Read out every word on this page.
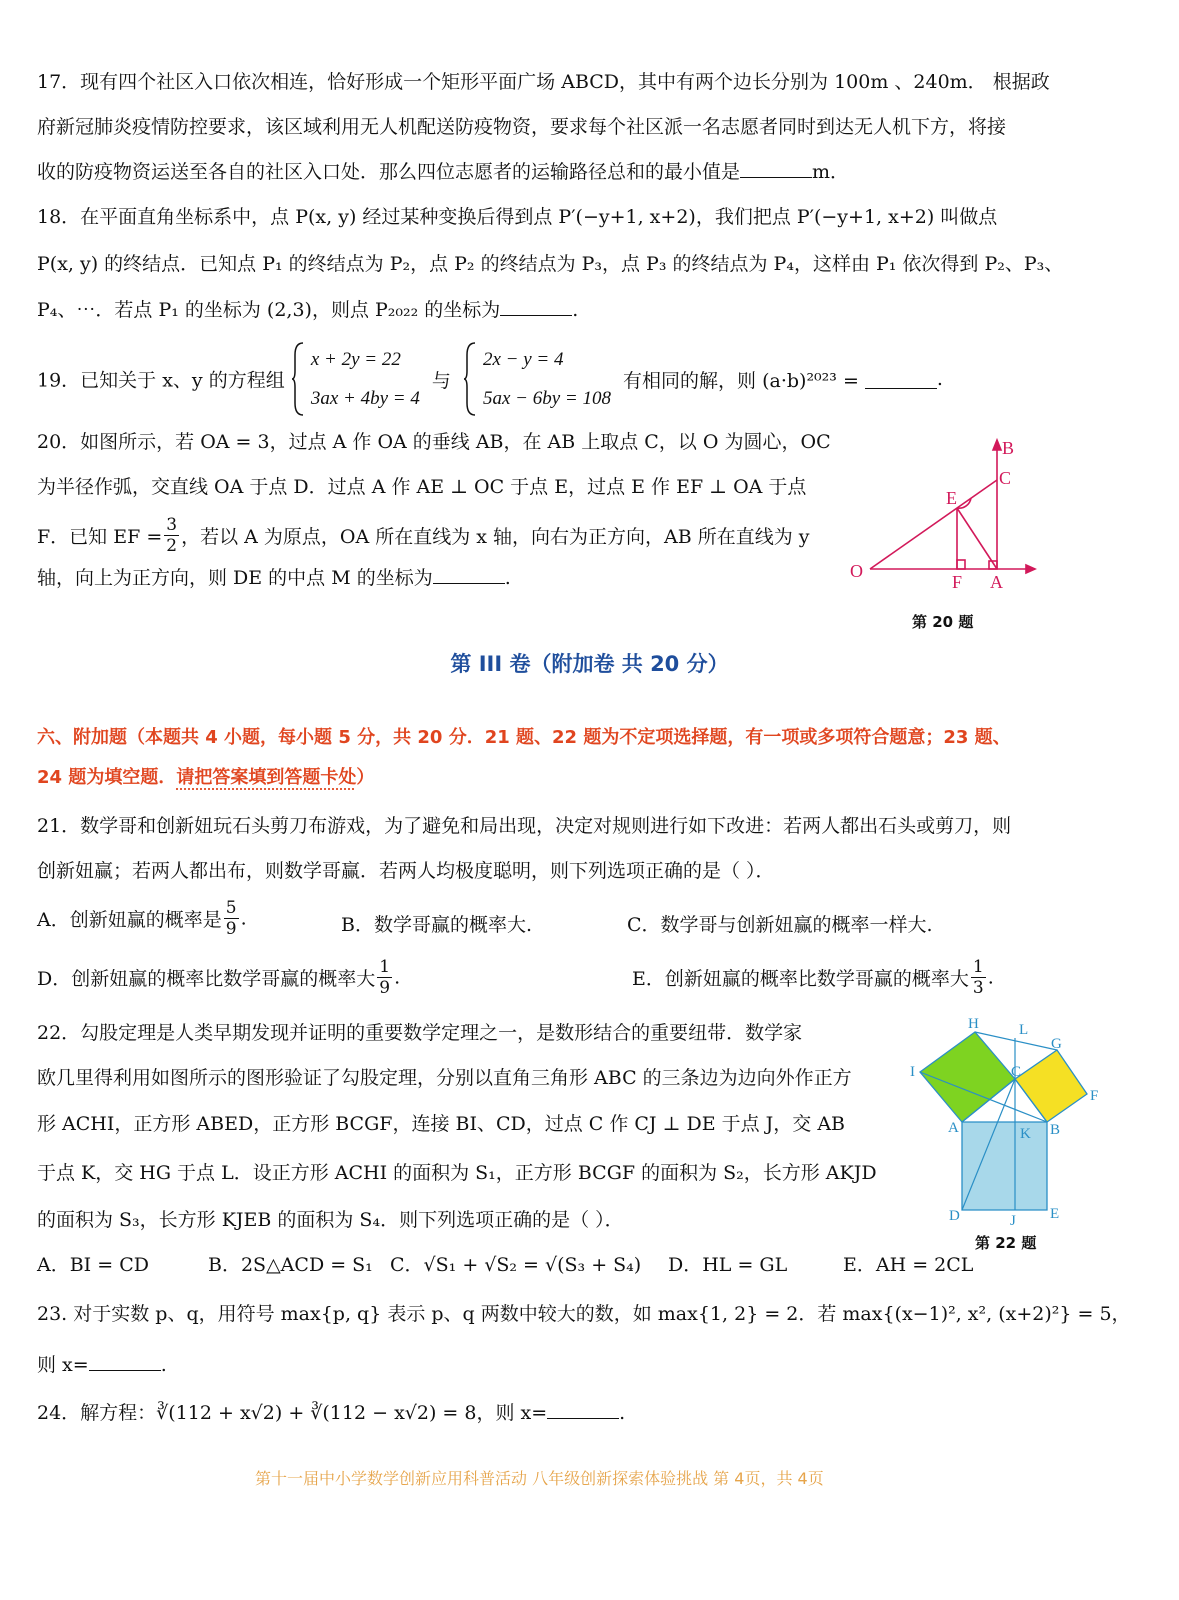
17．现有四个社区入口依次相连，恰好形成一个矩形平面广场 ABCD，其中有两个边长分别为 100m 、240m． 根据政
府新冠肺炎疫情防控要求，该区域利用无人机配送防疫物资，要求每个社区派一名志愿者同时到达无人机下方，将接
收的防疫物资运送至各自的社区入口处．那么四位志愿者的运输路径总和的最小值是	m．
18．在平面直角坐标系中，点 P(x, y) 经过某种变换后得到点 P′(−y+1, x+2)，我们把点 P′(−y+1, x+2) 叫做点
P(x, y) 的终结点．已知点 P₁ 的终结点为 P₂，点 P₂ 的终结点为 P₃，点 P₃ 的终结点为 P₄，这样由 P₁ 依次得到 P₂、P₃、
P₄、⋯．若点 P₁ 的坐标为 (2,3)，则点 P₂₀₂₂ 的坐标为	.
19．已知关于 x、y 的方程组  x + 2y = 22
3ax + 4by = 4 与  2x − y = 4
5ax − 6by = 108 有相同的解，则 (a·b)²⁰²³ =	.
20．如图所示，若 OA = 3，过点 A 作 OA 的垂线 AB，在 AB 上取点 C，以 O 为圆心，OC
为半径作弧，交直线 OA 于点 D．过点 A 作 AE ⊥ OC 于点 E，过点 E 作 EF ⊥ OA 于点
F．已知 EF = $\frac{3}{2}$ ，若以 A 为原点，OA 所在直线为 x 轴，向右为正方向，AB 所在直线为 y
轴，向上为正方向，则 DE 的中点 M 的坐标为	.
B
C
E
O
F A
第 20 题
第 III 卷（附加卷 共 20 分）
六、附加题（本题共 4 小题，每小题 5 分，共 20 分．21 题、22 题为不定项选择题，有一项或多项符合题意；23 题、
24 题为填空题．请把答案填到答题卡处）
21．数学哥和创新妞玩石头剪刀布游戏，为了避免和局出现，决定对规则进行如下改进：若两人都出石头或剪刀，则
创新妞赢；若两人都出布，则数学哥赢．若两人均极度聪明，则下列选项正确的是（ ）．
A．创新妞赢的概率是 $\frac{5}{9}$ .	B．数学哥赢的概率大.	C．数学哥与创新妞赢的概率一样大.
D．创新妞赢的概率比数学哥赢的概率大 $\frac{1}{9}$ .	E．创新妞赢的概率比数学哥赢的概率大 $\frac{1}{3}$ .
22．勾股定理是人类早期发现并证明的重要数学定理之一，是数形结合的重要纽带．数学家
欧几里得利用如图所示的图形验证了勾股定理，分别以直角三角形 ABC 的三条边为边向外作正方
形 ACHI，正方形 ABED，正方形 BCGF，连接 BI、CD，过点 C 作 CJ ⊥ DE 于点 J，交 AB
于点 K，交 HG 于点 L．设正方形 ACHI 的面积为 S₁，正方形 BCGF 的面积为 S₂，长方形 AKJD
的面积为 S₃，长方形 KJEB 的面积为 S₄．则下列选项正确的是（ ）．
A．BI = CD	B．2S△ACD = S₁ C．√S₁ + √S₂ = √(S₃ + S₄) D．HL = GL	E．AH = 2CL
H	L
G
I	C
F
A	K B
D	J E
第 22 题
23. 对于实数 p、q，用符号 max{p, q} 表示 p、q 两数中较大的数，如 max{1, 2} = 2．若 max{(x−1)², x², (x+2)²} = 5，
则 x=	.
24．解方程：∛(112 + x√2) + ∛(112 − x√2) = 8，则 x=	.
第十一届中小学数学创新应用科普活动 八年级创新探索体验挑战 第 4页，共 4页
